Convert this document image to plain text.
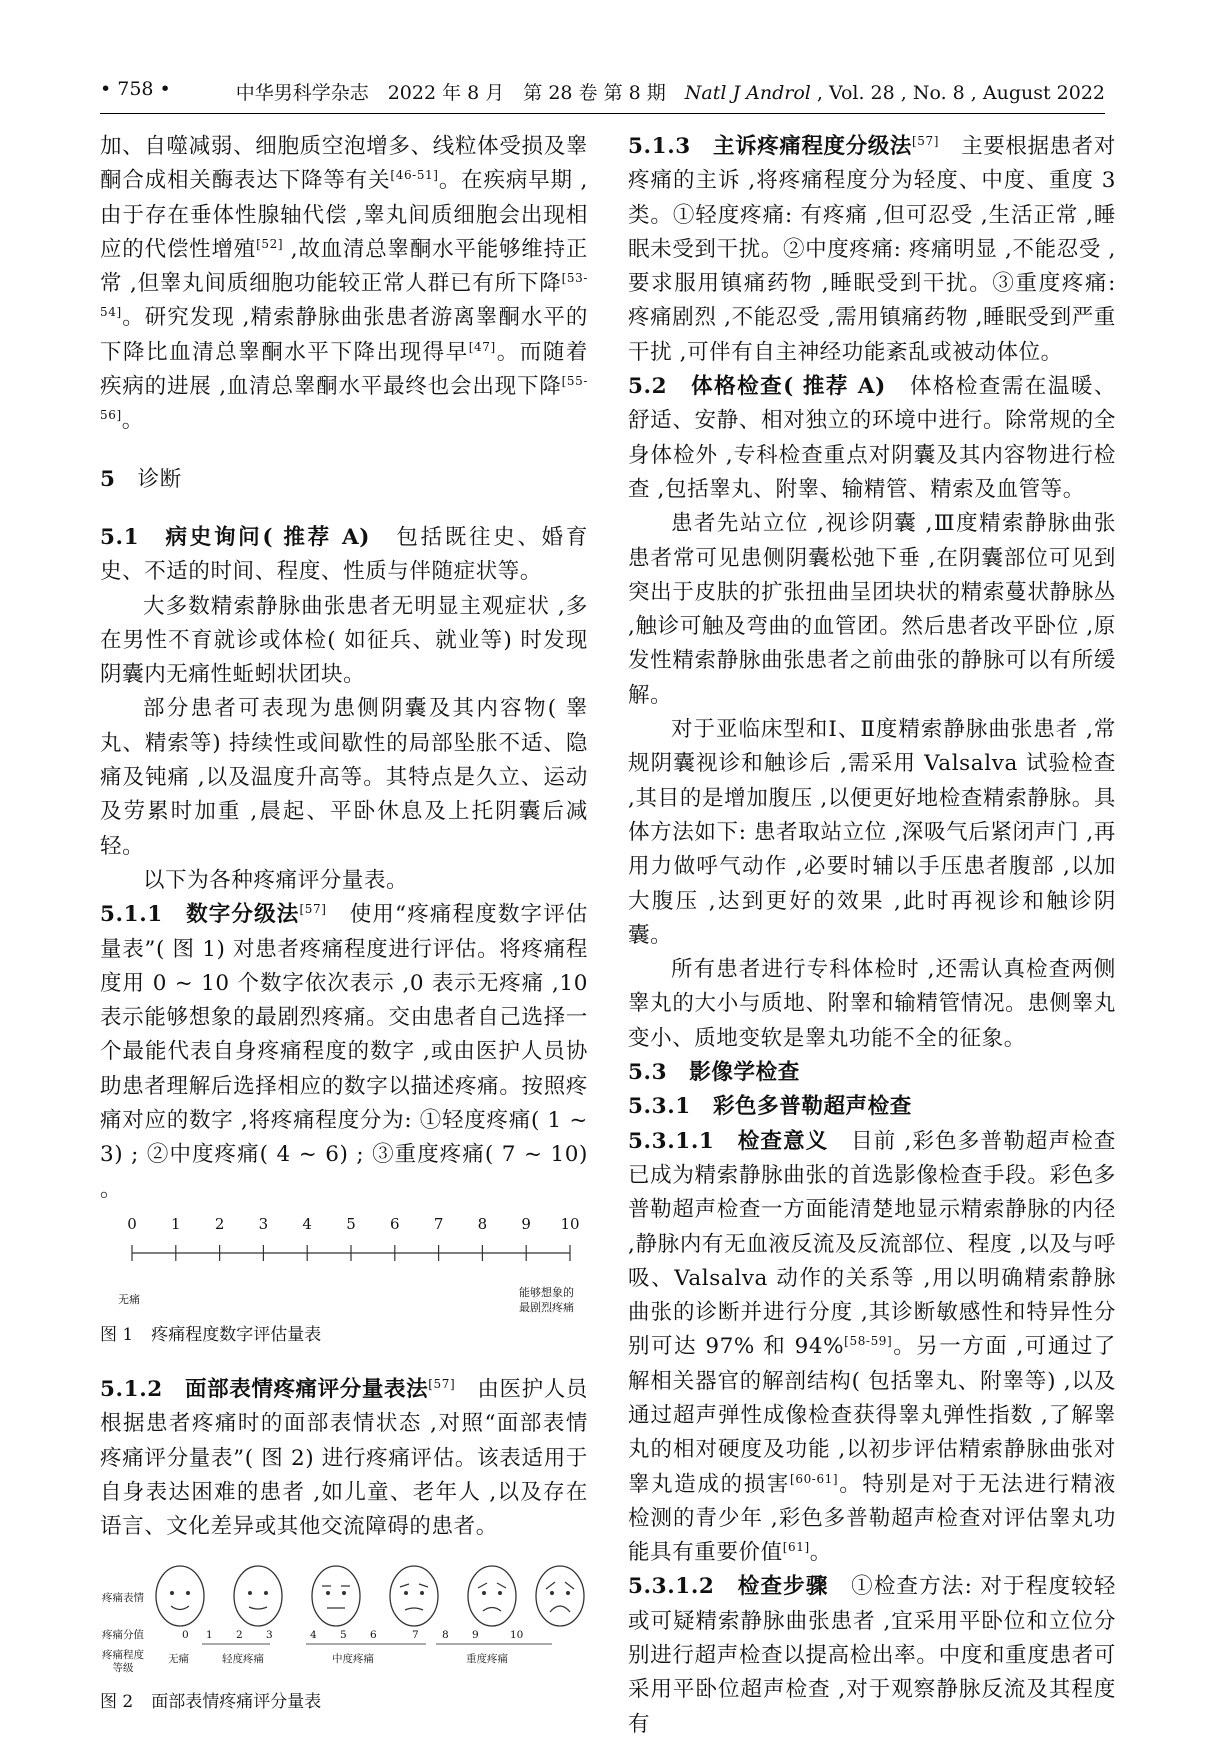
• 758 •	中华男科学杂志　2022 年 8 月　第 28 卷 第 8 期　 Natl J Androl , Vol. 28 , No. 8 , August 2022

加、自噬减弱、细胞质空泡增多、线粒体受损及睾酮合成相关酶表达下降等有关[46-51]。在疾病早期 ,由于存在垂体性腺轴代偿 ,睾丸间质细胞会出现相应的代偿性增殖[52] ,故血清总睾酮水平能够维持正常 ,但睾丸间质细胞功能较正常人群已有所下降[53-54]。研究发现 ,精索静脉曲张患者游离睾酮水平的下降比血清总睾酮水平下降出现得早[47]。而随着疾病的进展 ,血清总睾酮水平最终也会出现下降[55-56]。

5　 诊断

5.1　病史询问( 推荐 A)　包括既往史、婚育史、不适的时间、程度、性质与伴随症状等。

大多数精索静脉曲张患者无明显主观症状 ,多在男性不育就诊或体检( 如征兵、就业等) 时发现阴囊内无痛性蚯蚓状团块。

部分患者可表现为患侧阴囊及其内容物( 睾丸、精索等) 持续性或间歇性的局部坠胀不适、隐痛及钝痛 ,以及温度升高等。其特点是久立、运动及劳累时加重 ,晨起、平卧休息及上托阴囊后减轻。

以下为各种疼痛评分量表。

5.1.1　数字分级法[57]　使用“疼痛程度数字评估量表”( 图 1) 对患者疼痛程度进行评估。将疼痛程度用 0 ~ 10 个数字依次表示 ,0 表示无疼痛 ,10 表示能够想象的最剧烈疼痛。交由患者自己选择一个最能代表自身疼痛程度的数字 ,或由医护人员协助患者理解后选择相应的数字以描述疼痛。按照疼痛对应的数字 ,将疼痛程度分为: ①轻度疼痛( 1 ~ 3) ; ②中度疼痛( 4 ~ 6) ; ③重度疼痛( 7 ~ 10) 。

0	1	2	3	4	5	6	7	8	9	10
无痛
能够想象的
最剧烈疼痛

图 1 疼痛程度数字评估量表

5.1.2　面部表情疼痛评分量表法[57]　由医护人员根据患者疼痛时的面部表情状态 ,对照“面部表情疼痛评分量表”( 图 2) 进行疼痛评估。该表适用于自身表达困难的患者 ,如儿童、老年人 ,以及存在语言、文化差异或其他交流障碍的患者。

疼痛表情
疼痛分值
疼痛程度
等级
0 1 2 3	4 5 6	7 8 9	10
无痛	轻度疼痛	中度疼痛	重度疼痛

图 2 面部表情疼痛评分量表

5.1.3　主诉疼痛程度分级法[57]　主要根据患者对疼痛的主诉 ,将疼痛程度分为轻度、中度、重度 3 类。①轻度疼痛: 有疼痛 ,但可忍受 ,生活正常 ,睡眠未受到干扰。②中度疼痛: 疼痛明显 ,不能忍受 ,要求服用镇痛药物 ,睡眠受到干扰。③重度疼痛: 疼痛剧烈 ,不能忍受 ,需用镇痛药物 ,睡眠受到严重干扰 ,可伴有自主神经功能紊乱或被动体位。

5.2　体格检查( 推荐 A)　体格检查需在温暖、舒适、安静、相对独立的环境中进行。除常规的全身体检外 ,专科检查重点对阴囊及其内容物进行检查 ,包括睾丸、附睾、输精管、精索及血管等。

患者先站立位 ,视诊阴囊 ,Ⅲ度精索静脉曲张患者常可见患侧阴囊松弛下垂 ,在阴囊部位可见到突出于皮肤的扩张扭曲呈团块状的精索蔓状静脉丛 ,触诊可触及弯曲的血管团。然后患者改平卧位 ,原发性精索静脉曲张患者之前曲张的静脉可以有所缓解。

对于亚临床型和Ⅰ、Ⅱ度精索静脉曲张患者 ,常规阴囊视诊和触诊后 ,需采用 Valsalva 试验检查 ,其目的是增加腹压 ,以便更好地检查精索静脉。具体方法如下: 患者取站立位 ,深吸气后紧闭声门 ,再用力做呼气动作 ,必要时辅以手压患者腹部 ,以加大腹压 ,达到更好的效果 ,此时再视诊和触诊阴囊。

所有患者进行专科体检时 ,还需认真检查两侧睾丸的大小与质地、附睾和输精管情况。患侧睾丸变小、质地变软是睾丸功能不全的征象。

5.3　影像学检查

5.3.1　彩色多普勒超声检查

5.3.1.1　检查意义　目前 ,彩色多普勒超声检查已成为精索静脉曲张的首选影像检查手段。彩色多普勒超声检查一方面能清楚地显示精索静脉的内径 ,静脉内有无血液反流及反流部位、程度 ,以及与呼吸、Valsalva 动作的关系等 ,用以明确精索静脉曲张的诊断并进行分度 ,其诊断敏感性和特异性分别可达 97% 和 94%[58-59]。另一方面 ,可通过了解相关器官的解剖结构( 包括睾丸、附睾等) ,以及通过超声弹性成像检查获得睾丸弹性指数 ,了解睾丸的相对硬度及功能 ,以初步评估精索静脉曲张对睾丸造成的损害[60-61]。特别是对于无法进行精液检测的青少年 ,彩色多普勒超声检查对评估睾丸功能具有重要价值[61]。

5.3.1.2　检查步骤　①检查方法: 对于程度较轻或可疑精索静脉曲张患者 ,宜采用平卧位和立位分别进行超声检查以提高检出率。中度和重度患者可采用平卧位超声检查 ,对于观察静脉反流及其程度有
